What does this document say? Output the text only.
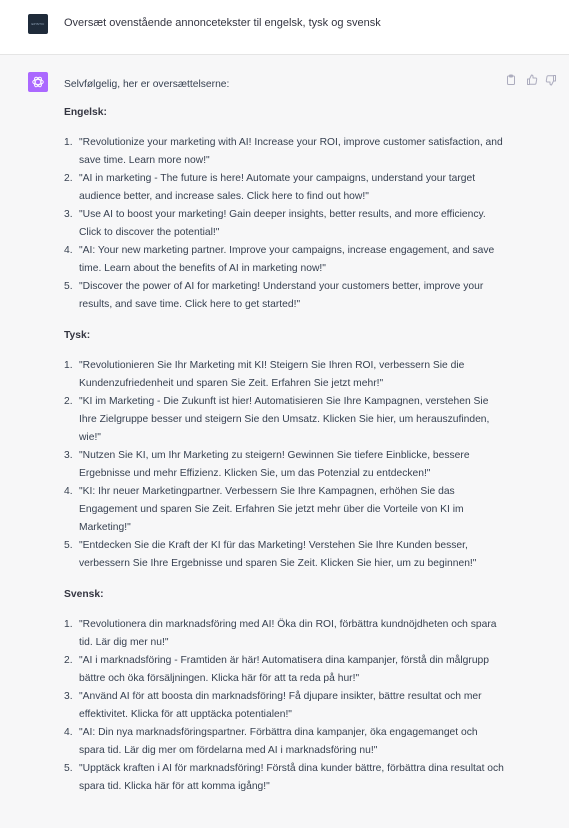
EPISTIC	Oversæt ovenstående annoncetekster til engelsk, tysk og svensk

Selvfølgelig, her er oversættelserne:

Engelsk:

1. "Revolutionize your marketing with AI! Increase your ROI, improve customer satisfaction, and save time. Learn more now!"
2. "AI in marketing - The future is here! Automate your campaigns, understand your target audience better, and increase sales. Click here to find out how!"
3. "Use AI to boost your marketing! Gain deeper insights, better results, and more efficiency. Click to discover the potential!"
4. "AI: Your new marketing partner. Improve your campaigns, increase engagement, and save time. Learn about the benefits of AI in marketing now!"
5. "Discover the power of AI for marketing! Understand your customers better, improve your results, and save time. Click here to get started!"

Tysk:

1. "Revolutionieren Sie Ihr Marketing mit KI! Steigern Sie Ihren ROI, verbessern Sie die Kundenzufriedenheit und sparen Sie Zeit. Erfahren Sie jetzt mehr!"
2. "KI im Marketing - Die Zukunft ist hier! Automatisieren Sie Ihre Kampagnen, verstehen Sie Ihre Zielgruppe besser und steigern Sie den Umsatz. Klicken Sie hier, um herauszufinden, wie!"
3. "Nutzen Sie KI, um Ihr Marketing zu steigern! Gewinnen Sie tiefere Einblicke, bessere Ergebnisse und mehr Effizienz. Klicken Sie, um das Potenzial zu entdecken!"
4. "KI: Ihr neuer Marketingpartner. Verbessern Sie Ihre Kampagnen, erhöhen Sie das Engagement und sparen Sie Zeit. Erfahren Sie jetzt mehr über die Vorteile von KI im Marketing!"
5. "Entdecken Sie die Kraft der KI für das Marketing! Verstehen Sie Ihre Kunden besser, verbessern Sie Ihre Ergebnisse und sparen Sie Zeit. Klicken Sie hier, um zu beginnen!"

Svensk:

1. "Revolutionera din marknadsföring med AI! Öka din ROI, förbättra kundnöjdheten och spara tid. Lär dig mer nu!"
2. "AI i marknadsföring - Framtiden är här! Automatisera dina kampanjer, förstå din målgrupp bättre och öka försäljningen. Klicka här för att ta reda på hur!"
3. "Använd AI för att boosta din marknadsföring! Få djupare insikter, bättre resultat och mer effektivitet. Klicka för att upptäcka potentialen!"
4. "AI: Din nya marknadsföringspartner. Förbättra dina kampanjer, öka engagemanget och spara tid. Lär dig mer om fördelarna med AI i marknadsföring nu!"
5. "Upptäck kraften i AI för marknadsföring! Förstå dina kunder bättre, förbättra dina resultat och spara tid. Klicka här för att komma igång!"
